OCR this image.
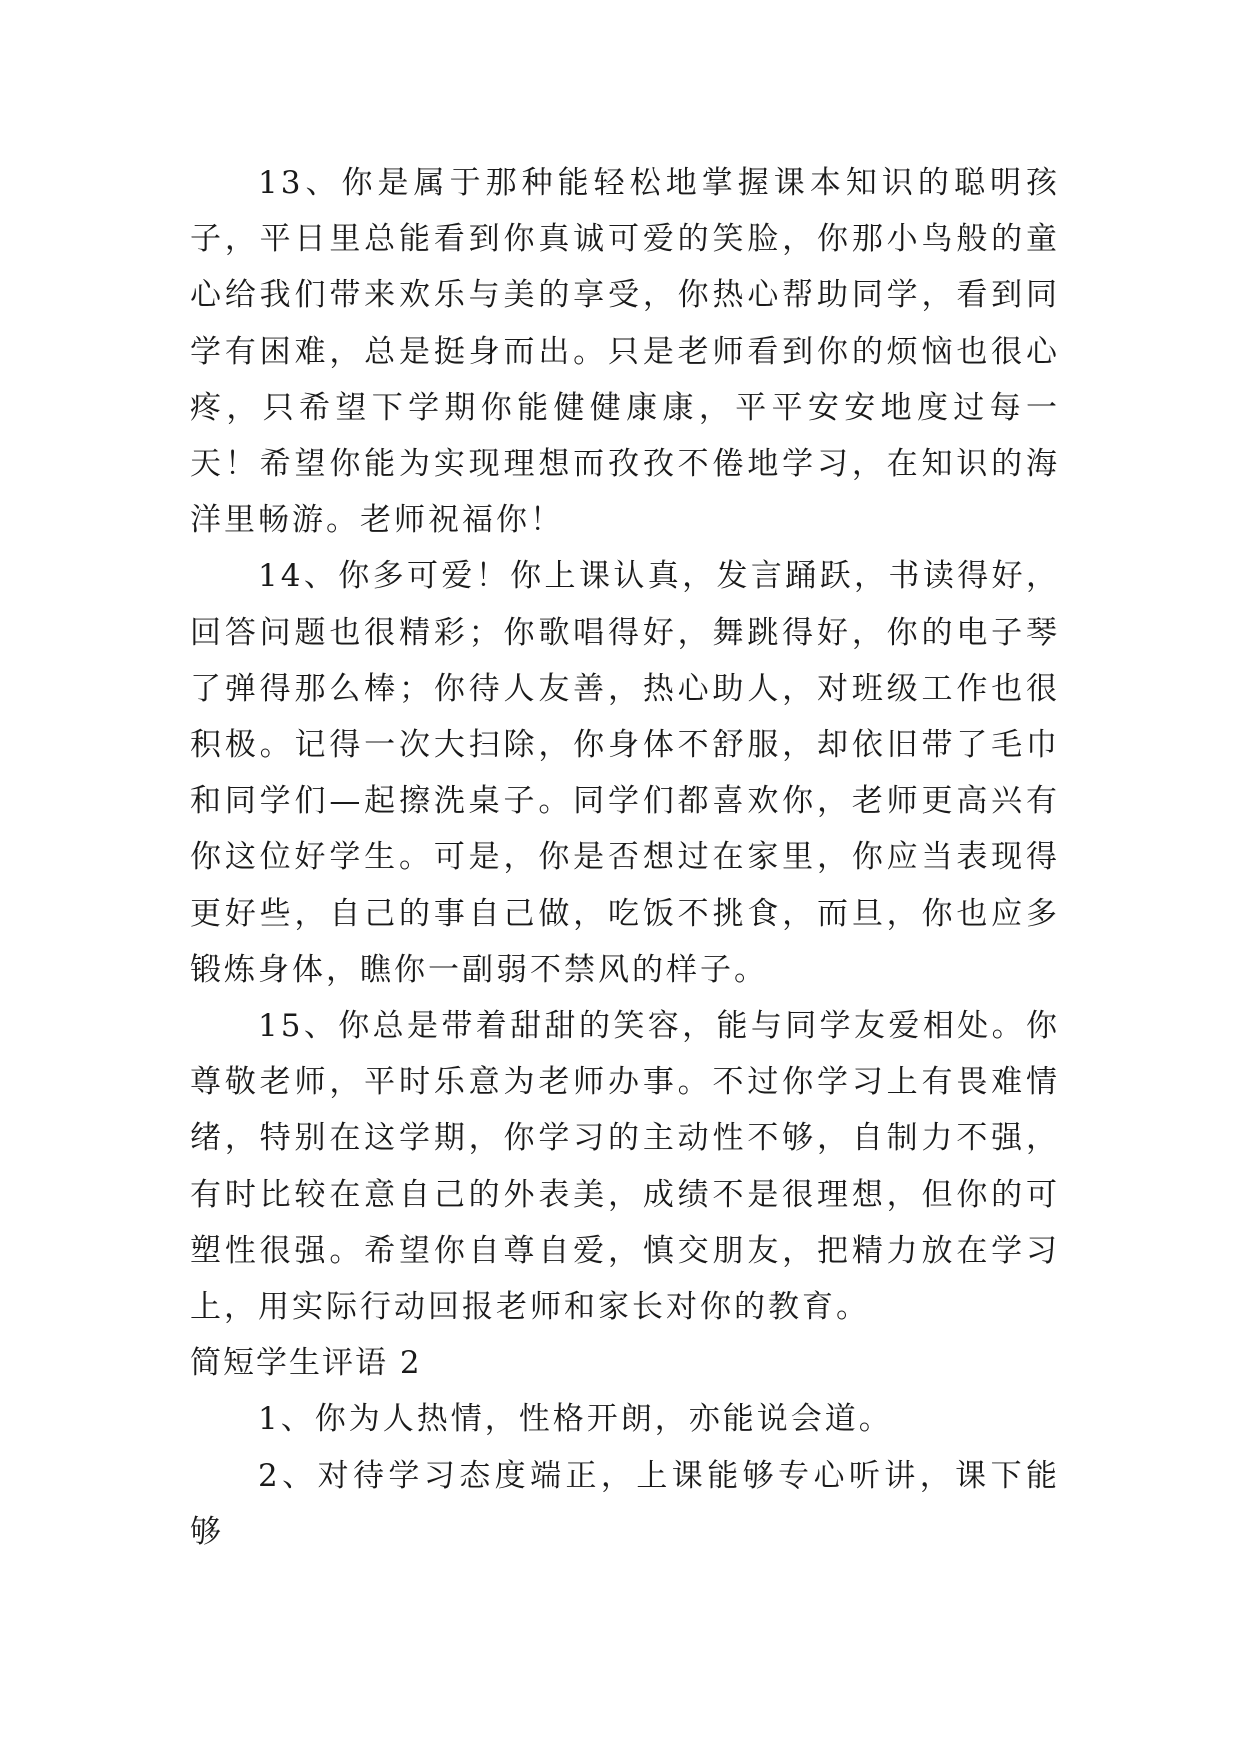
13、你是属于那种能轻松地掌握课本知识的聪明孩子，平日里总能看到你真诚可爱的笑脸，你那小鸟般的童心给我们带来欢乐与美的享受，你热心帮助同学，看到同学有困难，总是挺身而出。只是老师看到你的烦恼也很心疼，只希望下学期你能健健康康，平平安安地度过每一天！希望你能为实现理想而孜孜不倦地学习，在知识的海洋里畅游。老师祝福你！

14、你多可爱！你上课认真，发言踊跃，书读得好，回答问题也很精彩；你歌唱得好，舞跳得好，你的电子琴了弹得那么棒；你待人友善，热心助人，对班级工作也很积极。记得一次大扫除，你身体不舒服，却依旧带了毛巾和同学们—起擦洗桌子。同学们都喜欢你，老师更高兴有你这位好学生。可是，你是否想过在家里，你应当表现得更好些，自己的事自己做，吃饭不挑食，而旦，你也应多锻炼身体，瞧你一副弱不禁风的样子。

15、你总是带着甜甜的笑容，能与同学友爱相处。你尊敬老师，平时乐意为老师办事。不过你学习上有畏难情绪，特别在这学期，你学习的主动性不够，自制力不强，有时比较在意自己的外表美，成绩不是很理想，但你的可塑性很强。希望你自尊自爱，慎交朋友，把精力放在学习上，用实际行动回报老师和家长对你的教育。

简短学生评语 2

1、你为人热情，性格开朗，亦能说会道。

2、对待学习态度端正，上课能够专心听讲，课下能够
